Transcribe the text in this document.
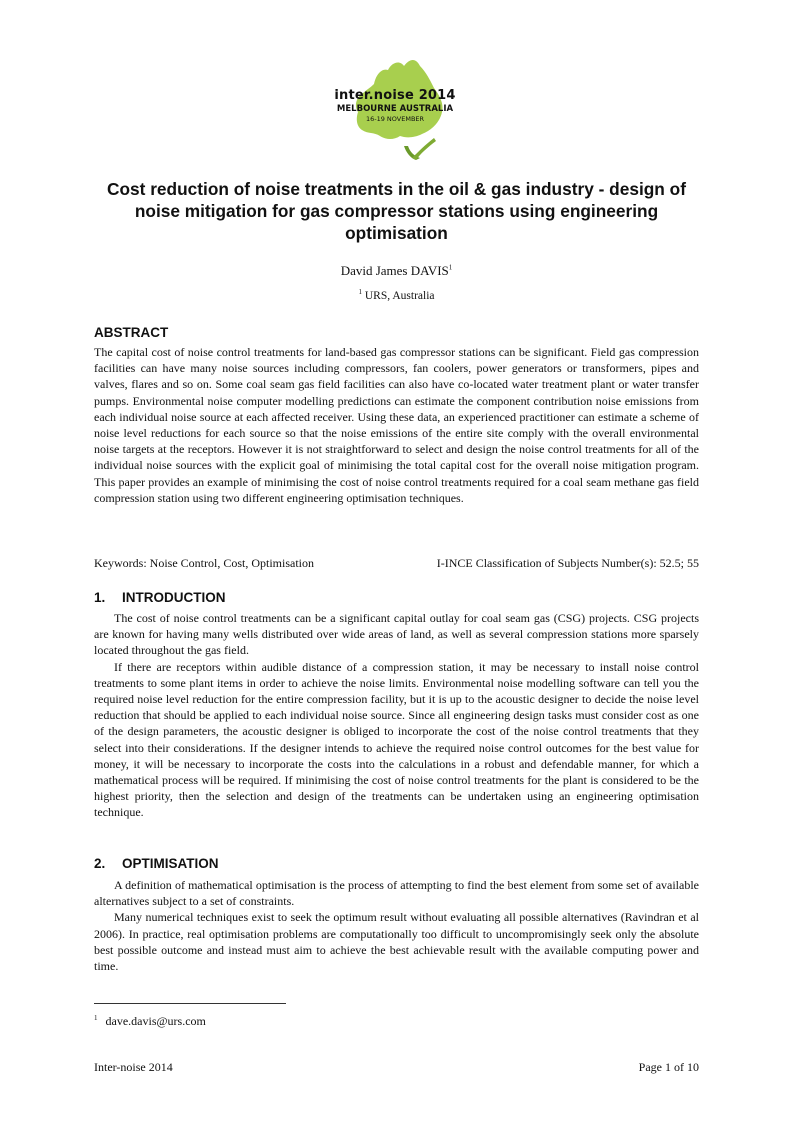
inter.noise 2014
MELBOURNE AUSTRALIA
16-19 NOVEMBER
Cost reduction of noise treatments in the oil & gas industry - design of noise mitigation for gas compressor stations using engineering optimisation
David James DAVIS$^1$
$^1$ URS, Australia
ABSTRACT

The capital cost of noise control treatments for land-based gas compressor stations can be significant. Field gas compression facilities can have many noise sources including compressors, fan coolers, power generators or transformers, pipes and valves, flares and so on. Some coal seam gas field facilities can also have co-located water treatment plant or water transfer pumps. Environmental noise computer modelling predictions can estimate the component contribution noise emissions from each individual noise source at each affected receiver. Using these data, an experienced practitioner can estimate a scheme of noise level reductions for each source so that the noise emissions of the entire site comply with the overall environmental noise targets at the receptors. However it is not straightforward to select and design the noise control treatments for all of the individual noise sources with the explicit goal of minimising the total capital cost for the overall noise mitigation program. This paper provides an example of minimising the cost of noise control treatments required for a coal seam methane gas field compression station using two different engineering optimisation techniques.

Keywords: Noise Control, Cost, Optimisation	I-INCE Classification of Subjects Number(s): 52.5; 55
1. INTRODUCTION

The cost of noise control treatments can be a significant capital outlay for coal seam gas (CSG) projects. CSG projects are known for having many wells distributed over wide areas of land, as well as several compression stations more sparsely located throughout the gas field.

If there are receptors within audible distance of a compression station, it may be necessary to install noise control treatments to some plant items in order to achieve the noise limits. Environmental noise modelling software can tell you the required noise level reduction for the entire compression facility, but it is up to the acoustic designer to decide the noise level reduction that should be applied to each individual noise source. Since all engineering design tasks must consider cost as one of the design parameters, the acoustic designer is obliged to incorporate the cost of the noise control treatments that they select into their considerations. If the designer intends to achieve the required noise control outcomes for the best value for money, it will be necessary to incorporate the costs into the calculations in a robust and defendable manner, for which a mathematical process will be required. If minimising the cost of noise control treatments for the plant is considered to be the highest priority, then the selection and design of the treatments can be undertaken using an engineering optimisation technique.

2. OPTIMISATION

A definition of mathematical optimisation is the process of attempting to find the best element from some set of available alternatives subject to a set of constraints.

Many numerical techniques exist to seek the optimum result without evaluating all possible alternatives (Ravindran et al 2006). In practice, real optimisation problems are computationally too difficult to uncompromisingly seek only the absolute best possible outcome and instead must aim to achieve the best achievable result with the available computing power and time.

$^1$ dave.davis@urs.com
Inter-noise 2014	Page 1 of 10
